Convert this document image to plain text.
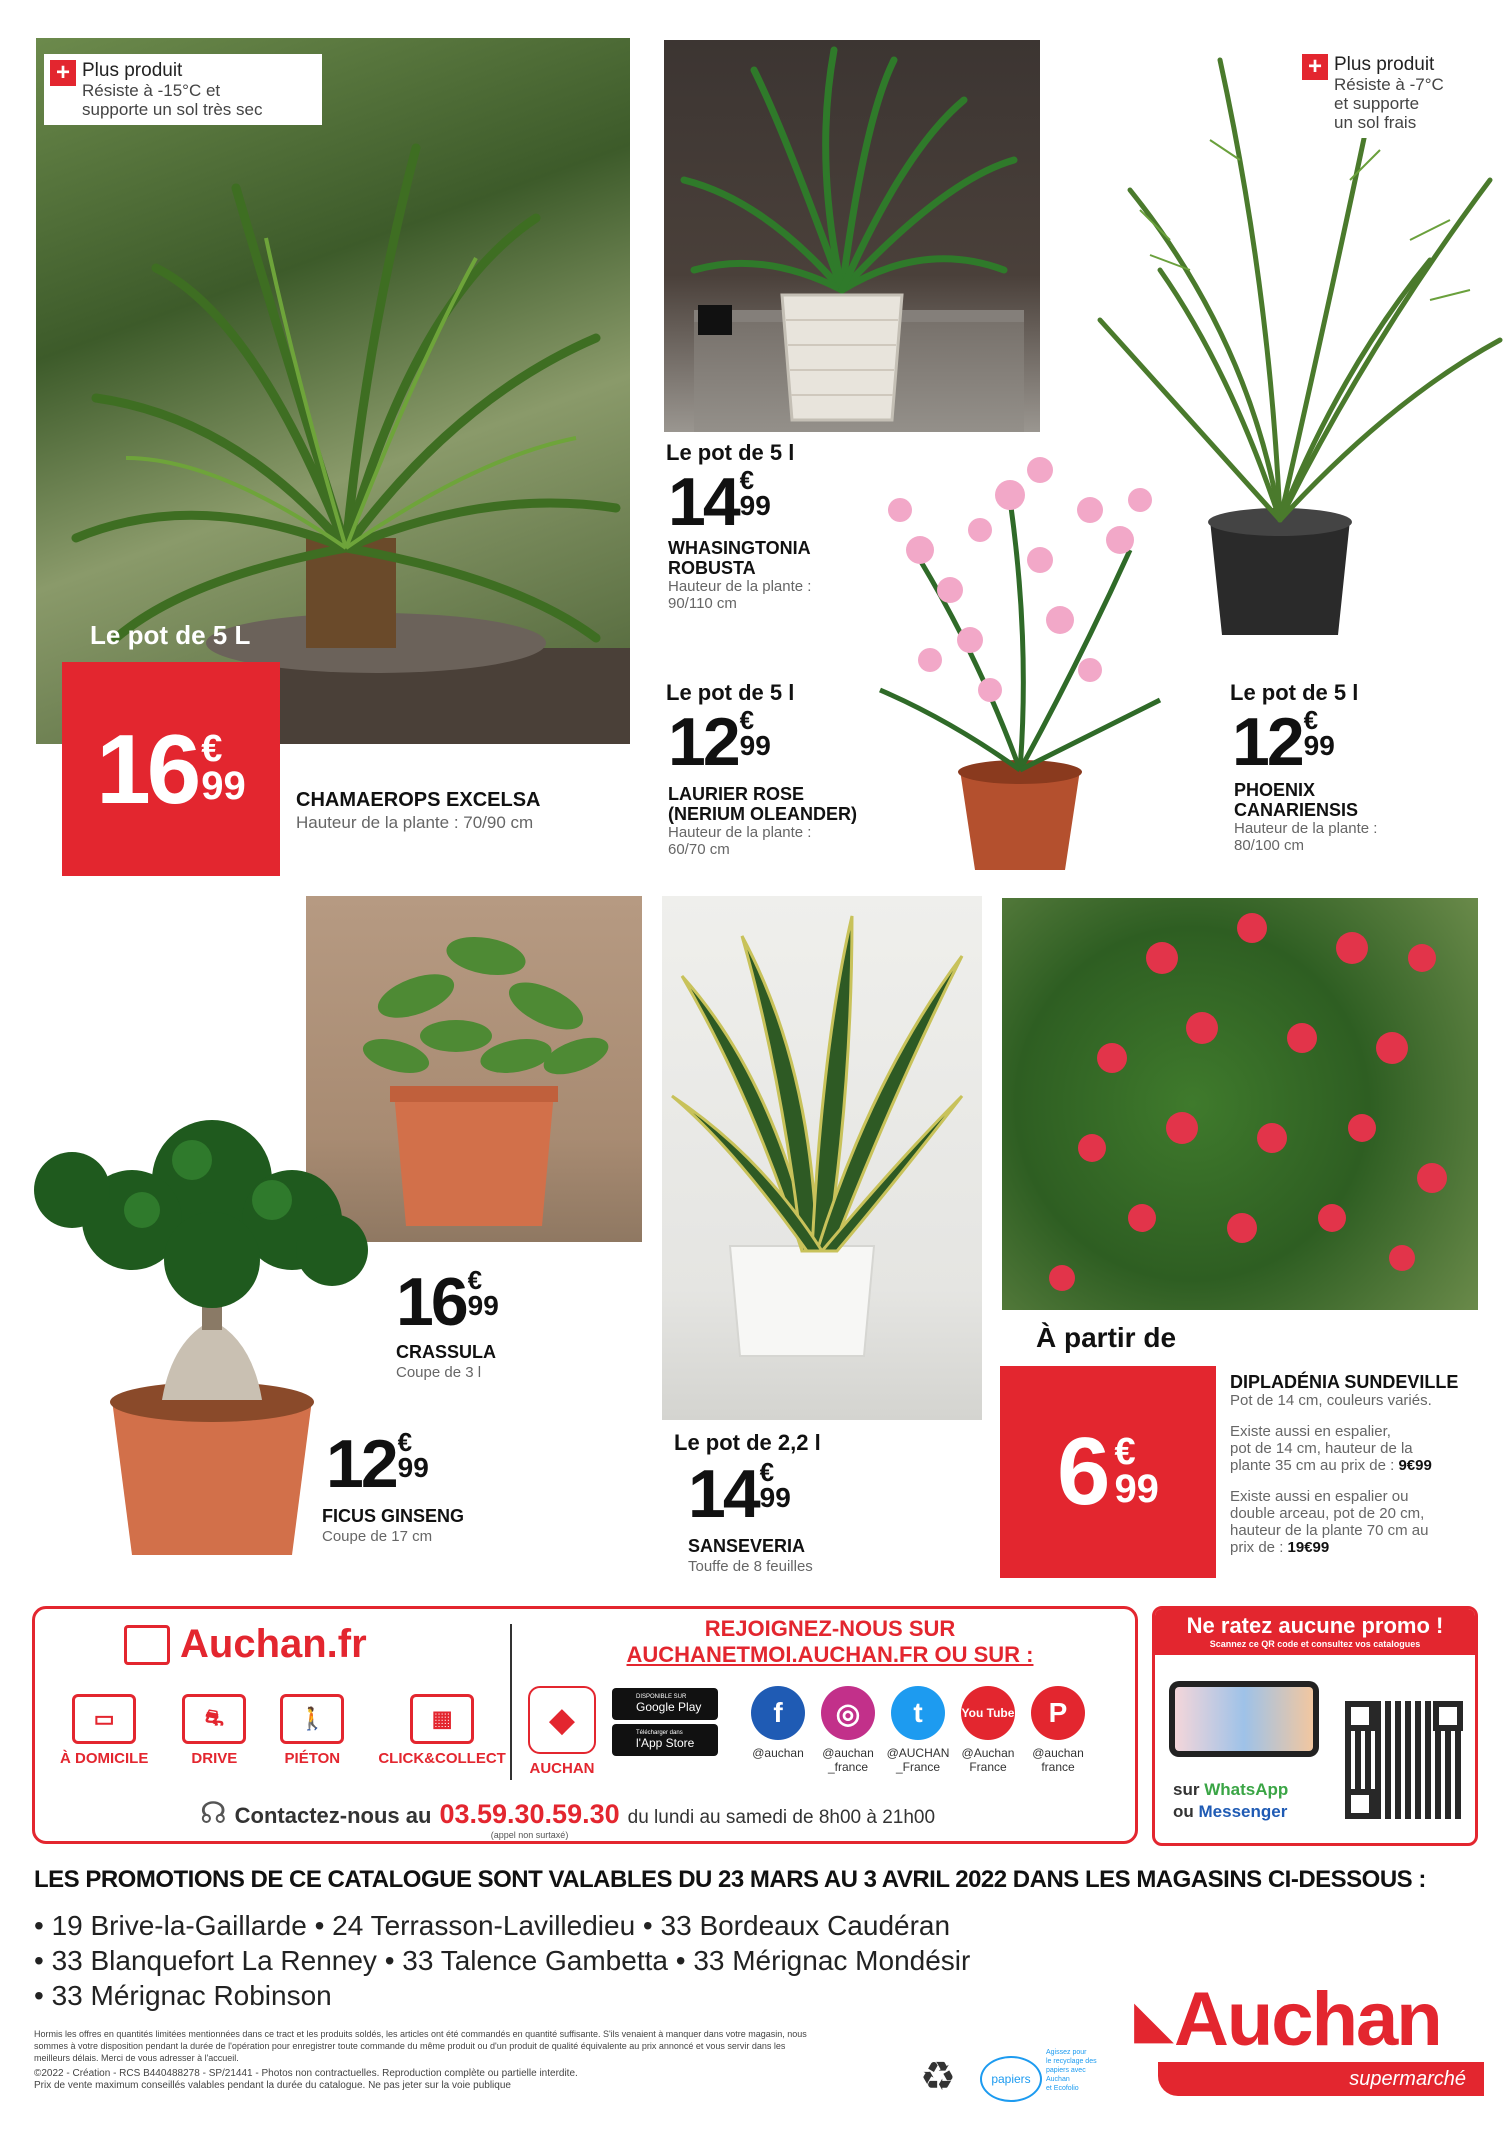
+ Plus produit
Résiste à -15°C et
supporte un sol très sec
Le pot de 5 L
16 €
99	CHAMAEROPS EXCELSA
Hauteur de la plante : 70/90 cm
Le pot de 5 l
14 €
99
WHASINGTONIA
ROBUSTA
Hauteur de la plante :
90/110 cm
Le pot de 5 l
12 €
99
LAURIER ROSE
(NERIUM OLEANDER)
Hauteur de la plante :
60/70 cm
+ Plus produit
Résiste à -7°C
et supporte
un sol frais
Le pot de 5 l
12 €
99
PHOENIX
CANARIENSIS
Hauteur de la plante :
80/100 cm
16 €
99
CRASSULA
Coupe de 3 l
12 €
99
FICUS GINSENG
Coupe de 17 cm
Le pot de 2,2 l
14 €
99
SANSEVERIA
Touffe de 8 feuilles
À partir de
6 €
99
DIPLADÉNIA SUNDEVILLE
Pot de 14 cm, couleurs variés.
Existe aussi en espalier,
pot de 14 cm, hauteur de la
plante 35 cm au prix de : 9€99
Existe aussi en espalier ou
double arceau, pot de 20 cm,
hauteur de la plante 70 cm au
prix de : 19€99
Auchan.fr
▭
À DOMICILE
⛐
DRIVE
🚶
PIÉTON
▦
CLICK&COLLECT
◆
AUCHAN
REJOIGNEZ-NOUS SUR
AUCHANETMOI.AUCHAN.FR OU SUR :
DISPONIBLE SUR
Google Play
Télécharger dans
l'App Store
f
@auchan

◎
@auchan
_france
t
@AUCHAN
_France
You Tube
@Auchan
France
P
@auchan
france
☊ Contactez-nous au 03.59.30.59.30
(appel non surtaxé)
du lundi au samedi de 8h00 à 21h00
Ne ratez aucune promo !
Scannez ce QR code et consultez vos catalogues
sur WhatsApp
ou Messenger
LES PROMOTIONS DE CE CATALOGUE SONT VALABLES DU 23 MARS AU 3 AVRIL 2022 DANS LES MAGASINS CI-DESSOUS :
• 19 Brive-la-Gaillarde • 24 Terrasson-Lavilledieu • 33 Bordeaux Caudéran
• 33 Blanquefort La Renney • 33 Talence Gambetta • 33 Mérignac Mondésir
• 33 Mérignac Robinson
Hormis les offres en quantités limitées mentionnées dans ce tract et les produits soldés, les articles ont été commandés en quantité suffisante. S'ils venaient à manquer dans votre magasin, nous
sommes à votre disposition pendant la durée de l'opération pour enregistrer toute commande du même produit ou d'un produit de qualité équivalente au prix annoncé et vous servir dans les
meilleurs délais. Merci de vous adresser à l'accueil.
©2022 - Création - RCS B440488278 - SP/21441 - Photos non contractuelles. Reproduction complète ou partielle interdite.
Prix de vente maximum conseillés valables pendant la durée du catalogue. Ne pas jeter sur la voie publique	♻	papiers
Agissez pour
le recyclage des
papiers avec
Auchan
et Ecofolio
◣ Auchan
supermarché
